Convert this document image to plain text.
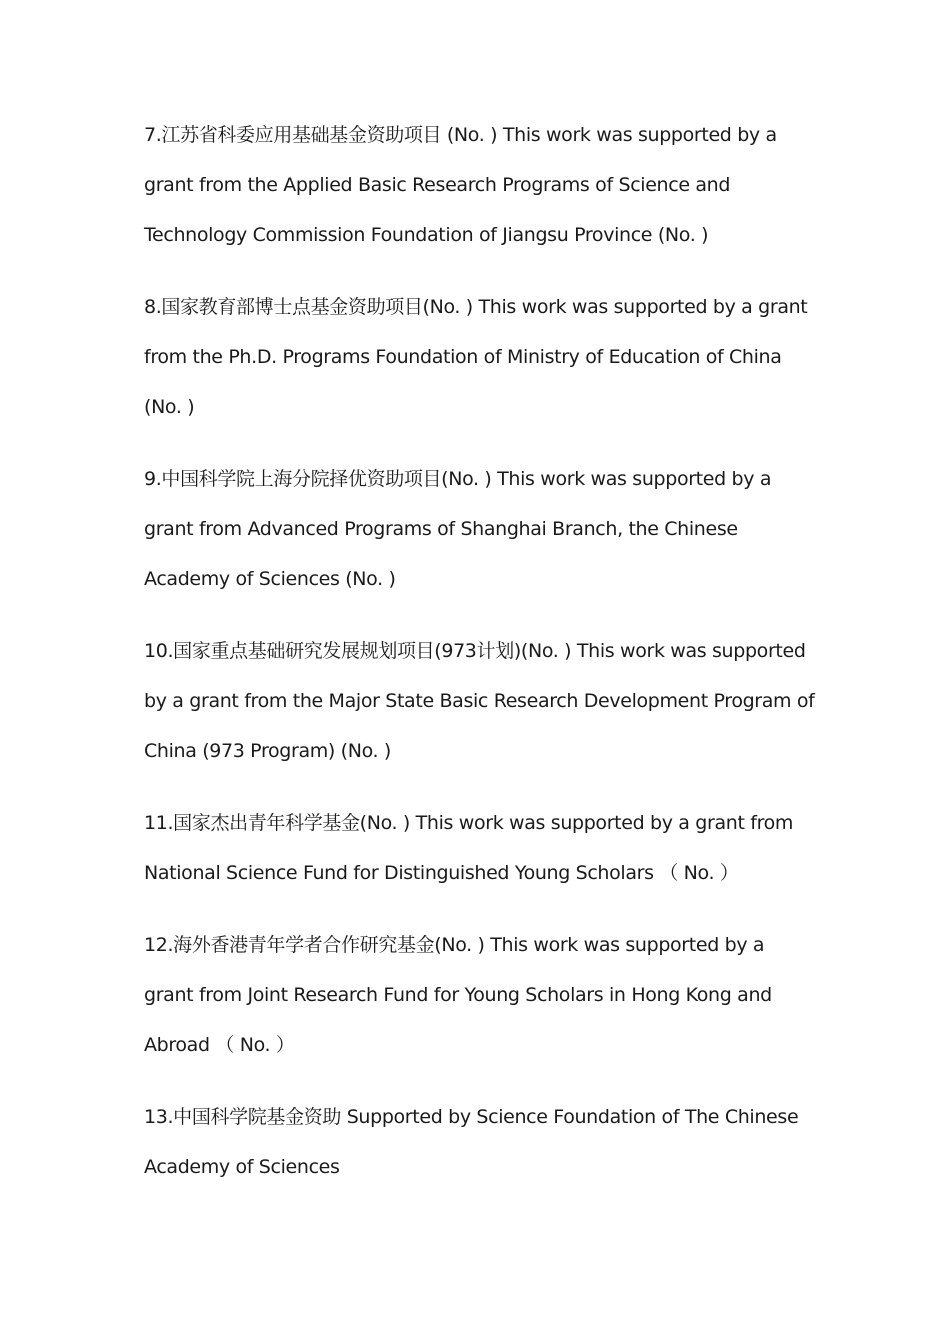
7.江苏省科委应用基础基金资助项目 (No. ) This work was supported by a
grant from the Applied Basic Research Programs of Science and
Technology Commission Foundation of Jiangsu Province (No. )
8.国家教育部博士点基金资助项目(No. ) This work was supported by a grant
from the Ph.D. Programs Foundation of Ministry of Education of China
(No. )
9.中国科学院上海分院择优资助项目(No. ) This work was supported by a
grant from Advanced Programs of Shanghai Branch, the Chinese
Academy of Sciences (No. )
10.国家重点基础研究发展规划项目(973计划)(No. ) This work was supported
by a grant from the Major State Basic Research Development Program of
China (973 Program) (No. )
11.国家杰出青年科学基金(No. ) This work was supported by a grant from
National Science Fund for Distinguished Young Scholars （ No. ）
12.海外香港青年学者合作研究基金(No. ) This work was supported by a
grant from Joint Research Fund for Young Scholars in Hong Kong and
Abroad （ No. ）
13.中国科学院基金资助 Supported by Science Foundation of The Chinese
Academy of Sciences
